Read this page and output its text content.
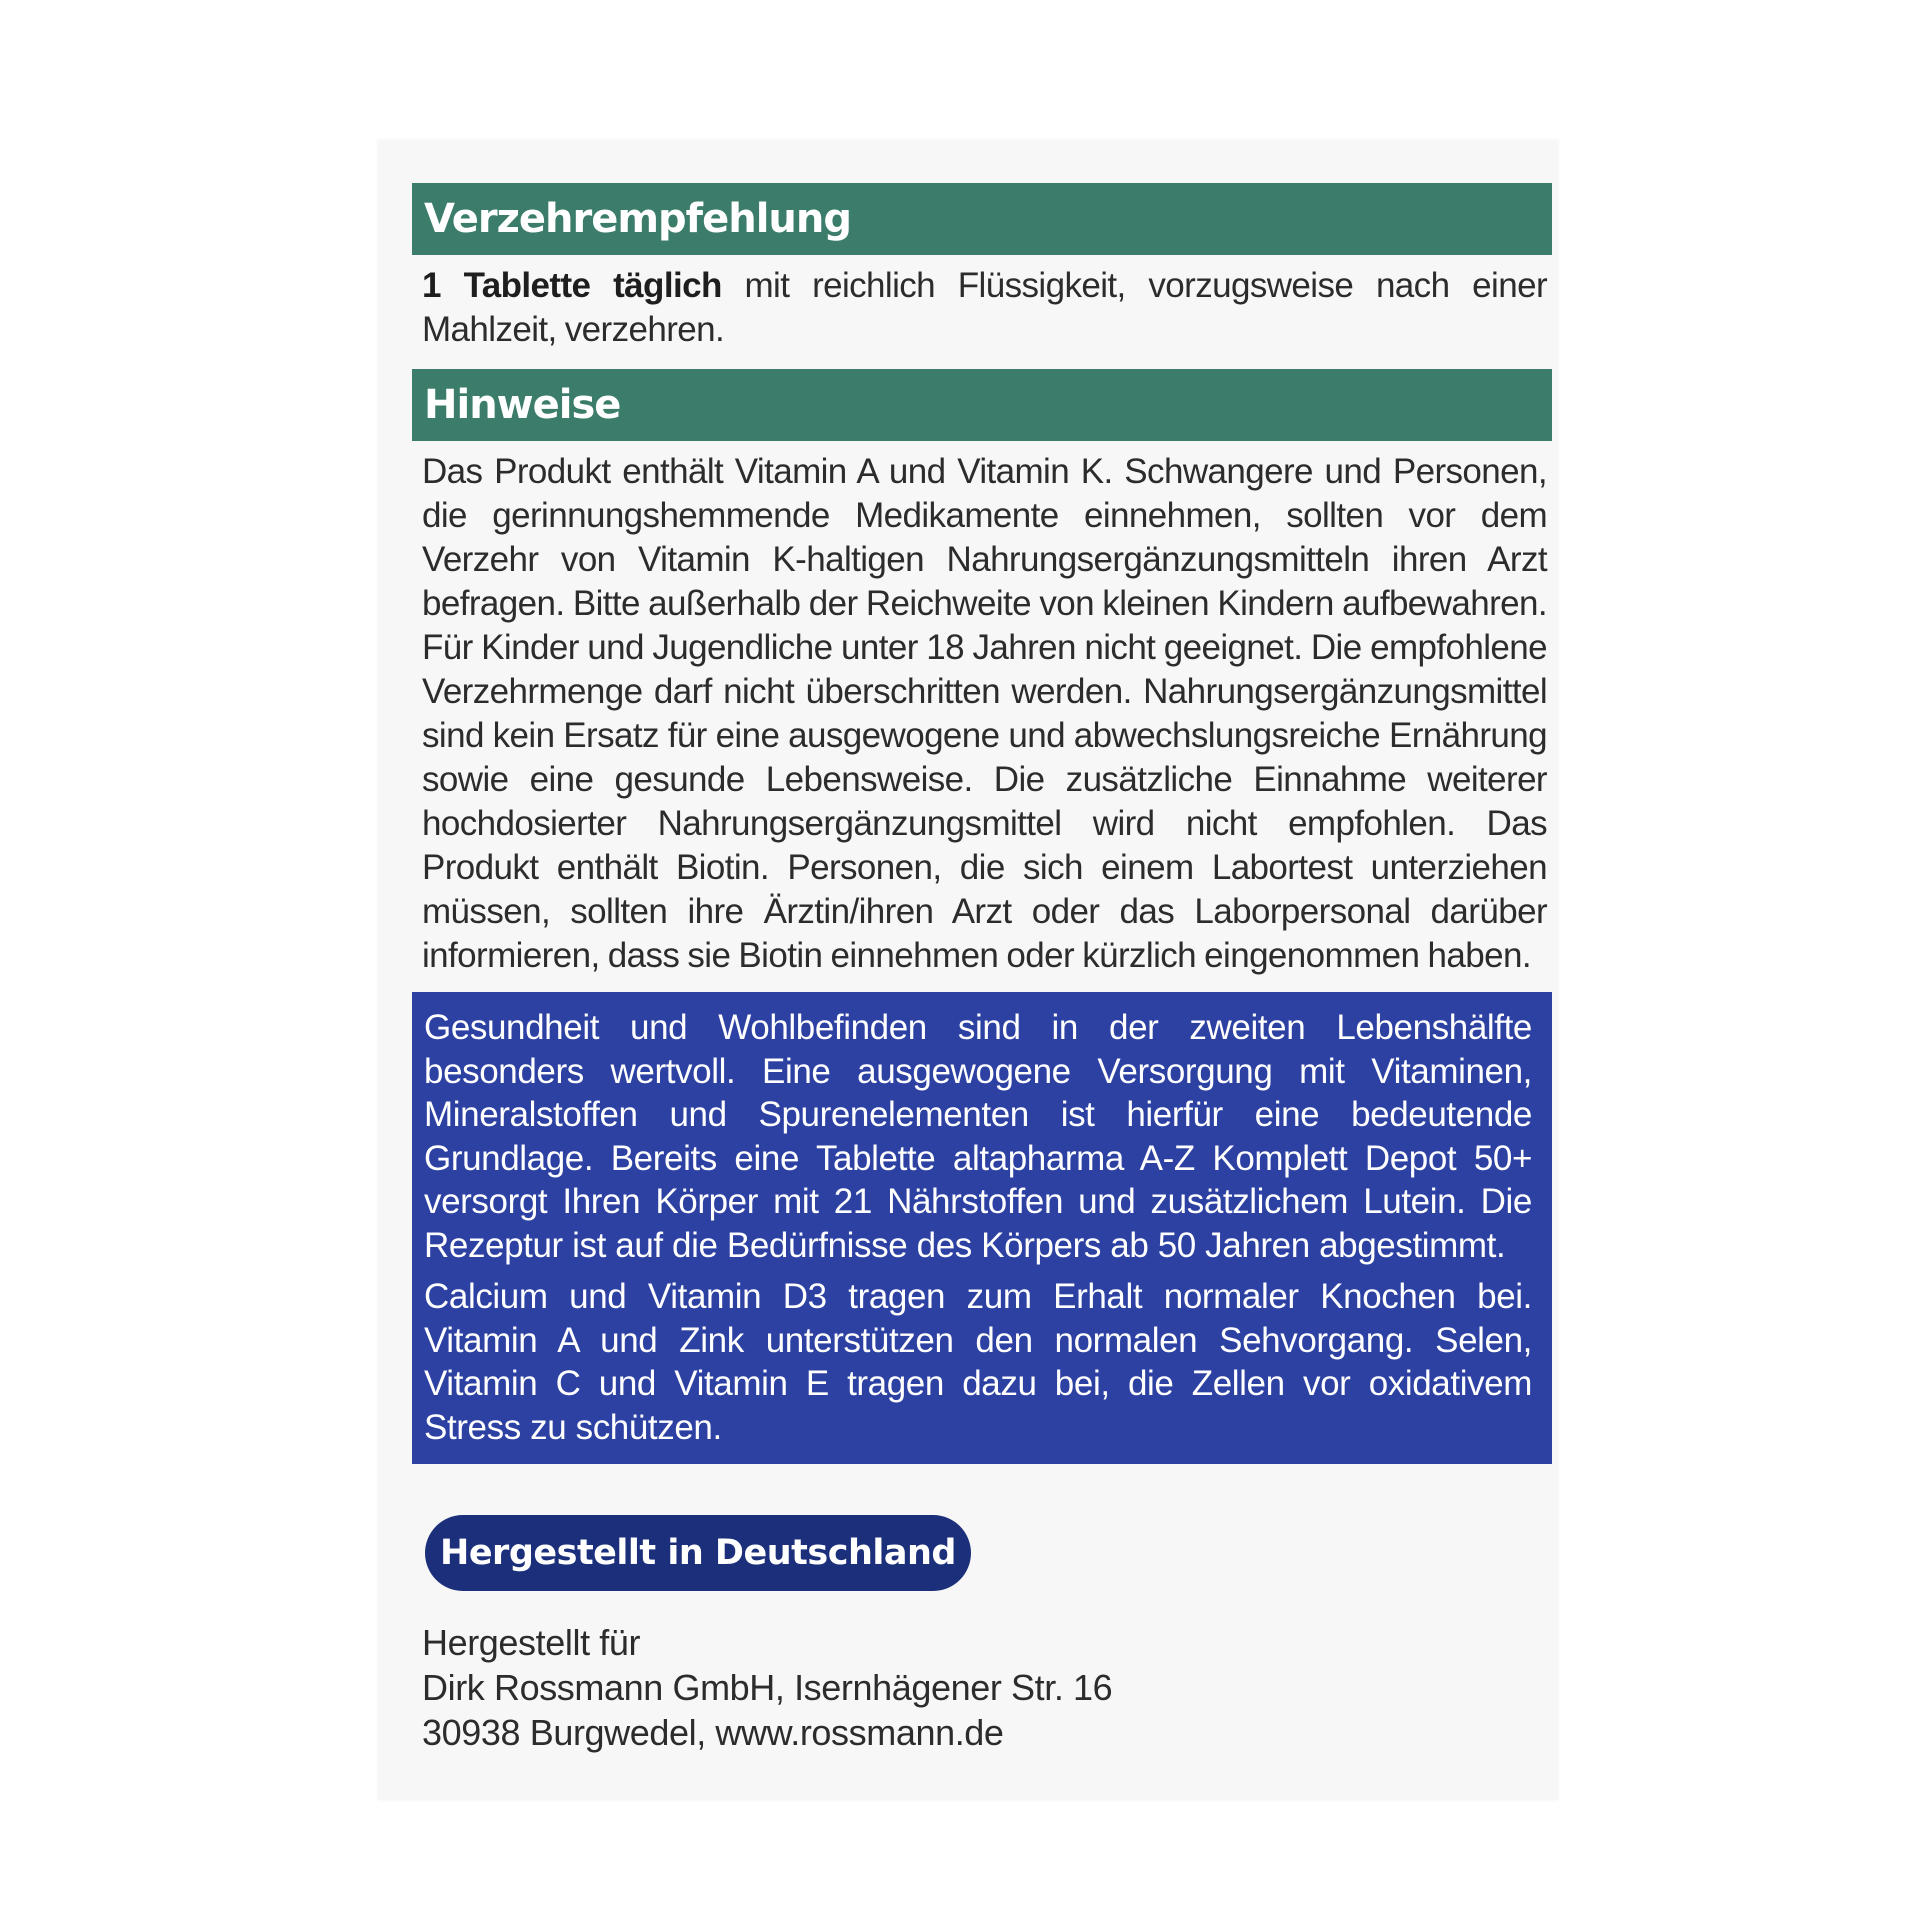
Verzehrempfehlung

1 Tablette täglich mit reichlich Flüssigkeit, vorzugsweise nach einer Mahlzeit, verzehren.

Hinweise

Das Produkt enthält Vitamin A und Vitamin K. Schwangere und Personen, die gerinnungshemmende Medikamente einnehmen, sollten vor dem Verzehr von Vitamin K-haltigen Nahrungsergänzungsmitteln ihren Arzt befragen. Bitte außerhalb der Reichweite von kleinen Kindern aufbewahren. Für Kinder und Jugendliche unter 18 Jahren nicht geeignet. Die empfohlene Verzehrmenge darf nicht überschritten werden. Nahrungsergänzungsmittel sind kein Ersatz für eine ausgewogene und abwechslungsreiche Ernährung sowie eine gesunde Lebensweise. Die zusätzliche Einnahme weiterer hochdosierter Nahrungsergänzungsmittel wird nicht empfohlen. Das Produkt enthält Biotin. Personen, die sich einem Labortest unterziehen müssen, sollten ihre Ärztin/ihren Arzt oder das Laborpersonal darüber informieren, dass sie Biotin einnehmen oder kürzlich eingenommen haben.

Gesundheit und Wohlbefinden sind in der zweiten Lebenshälfte besonders wertvoll. Eine ausgewogene Versorgung mit Vitaminen, Mineralstoffen und Spurenelementen ist hierfür eine bedeutende Grundlage. Bereits eine Tablette altapharma A-Z Komplett Depot 50+ versorgt Ihren Körper mit 21 Nährstoffen und zusätzlichem Lutein. Die Rezeptur ist auf die Bedürfnisse des Körpers ab 50 Jahren abgestimmt.

Calcium und Vitamin D3 tragen zum Erhalt normaler Knochen bei. Vitamin A und Zink unterstützen den normalen Sehvorgang. Selen, Vitamin C und Vitamin E tragen dazu bei, die Zellen vor oxidativem Stress zu schützen.

Hergestellt in Deutschland
Hergestellt für
Dirk Rossmann GmbH, Isernhägener Str. 16
30938 Burgwedel, www.rossmann.de
